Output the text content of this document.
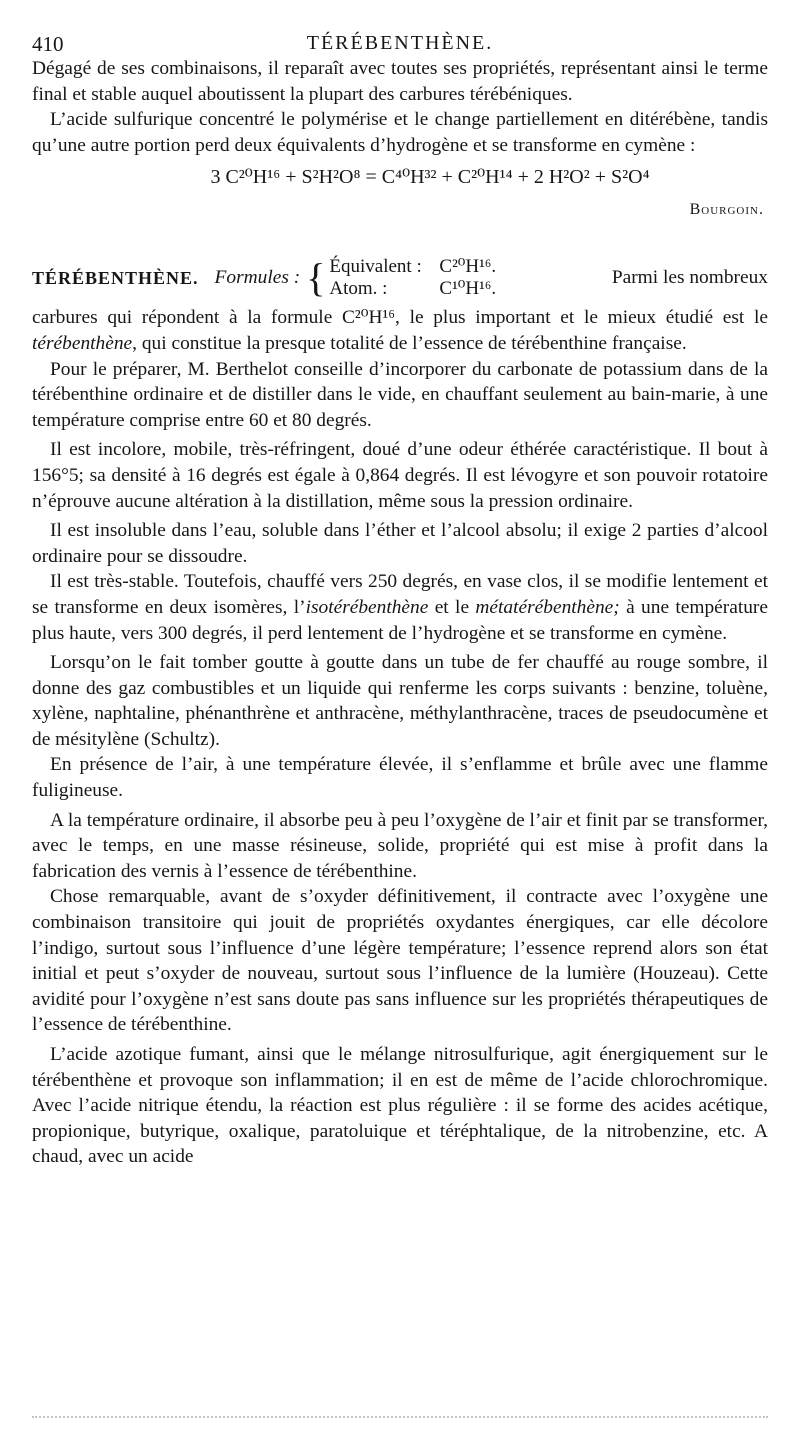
410	TÉRÉBENTHÈNE.

Dégagé de ses combinaisons, il reparaît avec toutes ses propriétés, représentant ainsi le terme final et stable auquel aboutissent la plupart des carbures térébéniques.

L’acide sulfurique concentré le polymérise et le change partiellement en ditérébène, tandis qu’une autre portion perd deux équivalents d’hydrogène et se transforme en cymène :

3 C²⁰H¹⁶ + S²H²O⁸ = C⁴⁰H³² + C²⁰H¹⁴ + 2 H²O² + S²O⁴
Bourgoin.
TÉRÉBENTHÈNE. Formules : { Équivalent : C²⁰H¹⁶.
Atom. :	C¹⁰H¹⁶.
Parmi les nombreux

carbures qui répondent à la formule C²⁰H¹⁶, le plus important et le mieux étudié est le térébenthène, qui constitue la presque totalité de l’essence de térébenthine française.

Pour le préparer, M. Berthelot conseille d’incorporer du carbonate de potassium dans de la térébenthine ordinaire et de distiller dans le vide, en chauffant seulement au bain-marie, à une température comprise entre 60 et 80 degrés.

Il est incolore, mobile, très-réfringent, doué d’une odeur éthérée caractéristique. Il bout à 156°5; sa densité à 16 degrés est égale à 0,864 degrés. Il est lévogyre et son pouvoir rotatoire n’éprouve aucune altération à la distillation, même sous la pression ordinaire.

Il est insoluble dans l’eau, soluble dans l’éther et l’alcool absolu; il exige 2 parties d’alcool ordinaire pour se dissoudre.

Il est très-stable. Toutefois, chauffé vers 250 degrés, en vase clos, il se modifie lentement et se transforme en deux isomères, l’isotérébenthène et le métatérébenthène; à une température plus haute, vers 300 degrés, il perd lentement de l’hydrogène et se transforme en cymène.

Lorsqu’on le fait tomber goutte à goutte dans un tube de fer chauffé au rouge sombre, il donne des gaz combustibles et un liquide qui renferme les corps suivants : benzine, toluène, xylène, naphtaline, phénanthrène et anthracène, méthylanthracène, traces de pseudocumène et de mésitylène (Schultz).

En présence de l’air, à une température élevée, il s’enflamme et brûle avec une flamme fuligineuse.

A la température ordinaire, il absorbe peu à peu l’oxygène de l’air et finit par se transformer, avec le temps, en une masse résineuse, solide, propriété qui est mise à profit dans la fabrication des vernis à l’essence de térébenthine.

Chose remarquable, avant de s’oxyder définitivement, il contracte avec l’oxygène une combinaison transitoire qui jouit de propriétés oxydantes énergiques, car elle décolore l’indigo, surtout sous l’influence d’une légère température; l’essence reprend alors son état initial et peut s’oxyder de nouveau, surtout sous l’influence de la lumière (Houzeau). Cette avidité pour l’oxygène n’est sans doute pas sans influence sur les propriétés thérapeutiques de l’essence de térébenthine.

L’acide azotique fumant, ainsi que le mélange nitrosulfurique, agit énergiquement sur le térébenthène et provoque son inflammation; il en est de même de l’acide chlorochromique. Avec l’acide nitrique étendu, la réaction est plus régulière : il se forme des acides acétique, propionique, butyrique, oxalique, paratoluique et téréphtalique, de la nitrobenzine, etc. A chaud, avec un acide
